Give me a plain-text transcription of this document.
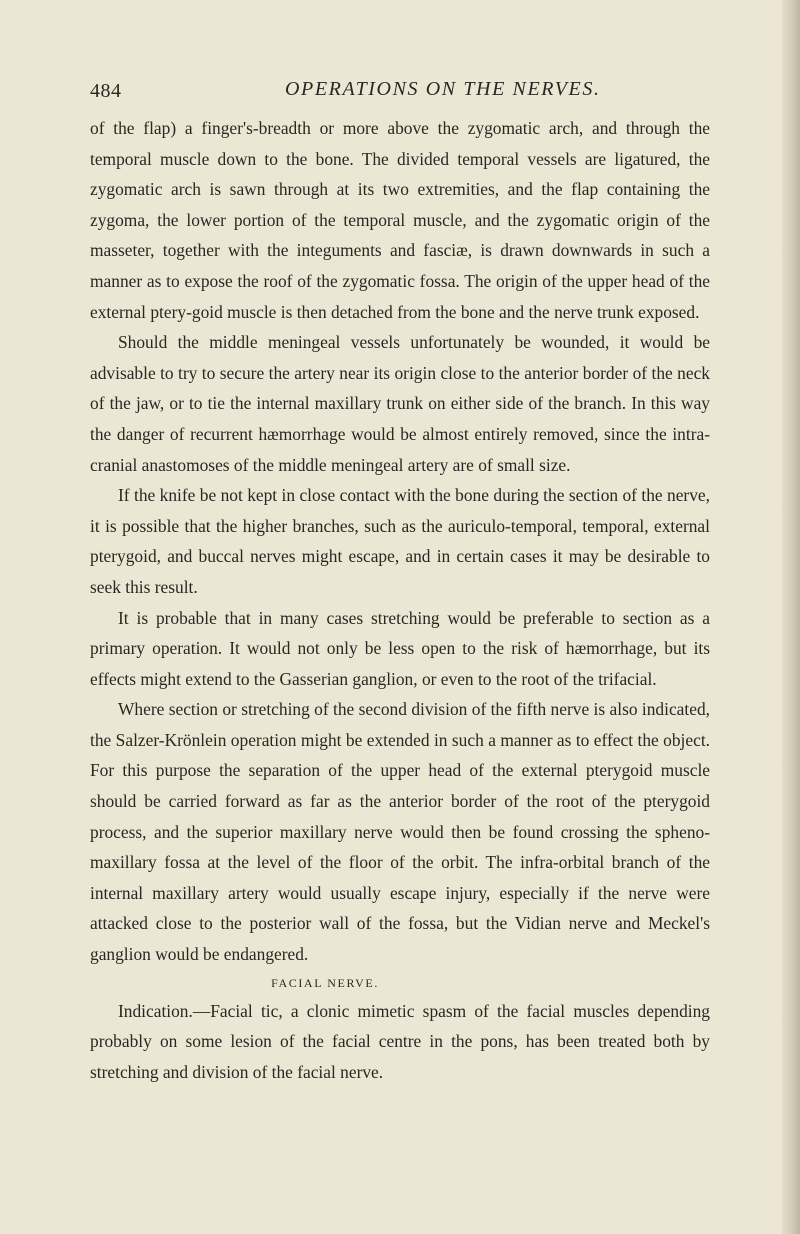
484	OPERATIONS ON THE NERVES.

of the flap) a finger's-breadth or more above the zygomatic arch, and through the temporal muscle down to the bone. The divided temporal vessels are ligatured, the zygomatic arch is sawn through at its two extremities, and the flap containing the zygoma, the lower portion of the temporal muscle, and the zygomatic origin of the masseter, together with the integuments and fasciæ, is drawn downwards in such a manner as to expose the roof of the zygomatic fossa. The origin of the upper head of the external ptery-goid muscle is then detached from the bone and the nerve trunk exposed.

Should the middle meningeal vessels unfortunately be wounded, it would be advisable to try to secure the artery near its origin close to the anterior border of the neck of the jaw, or to tie the internal maxillary trunk on either side of the branch. In this way the danger of recurrent hæmorrhage would be almost entirely removed, since the intra-cranial anastomoses of the middle meningeal artery are of small size.

If the knife be not kept in close contact with the bone during the section of the nerve, it is possible that the higher branches, such as the auriculo-temporal, temporal, external pterygoid, and buccal nerves might escape, and in certain cases it may be desirable to seek this result.

It is probable that in many cases stretching would be preferable to section as a primary operation. It would not only be less open to the risk of hæmorrhage, but its effects might extend to the Gasserian ganglion, or even to the root of the trifacial.

Where section or stretching of the second division of the fifth nerve is also indicated, the Salzer-Krönlein operation might be extended in such a manner as to effect the object. For this purpose the separation of the upper head of the external pterygoid muscle should be carried forward as far as the anterior border of the root of the pterygoid process, and the superior maxillary nerve would then be found crossing the spheno-maxillary fossa at the level of the floor of the orbit. The infra-orbital branch of the internal maxillary artery would usually escape injury, especially if the nerve were attacked close to the posterior wall of the fossa, but the Vidian nerve and Meckel's ganglion would be endangered.

FACIAL NERVE.

Indication.—Facial tic, a clonic mimetic spasm of the facial muscles depending probably on some lesion of the facial centre in the pons, has been treated both by stretching and division of the facial nerve.
